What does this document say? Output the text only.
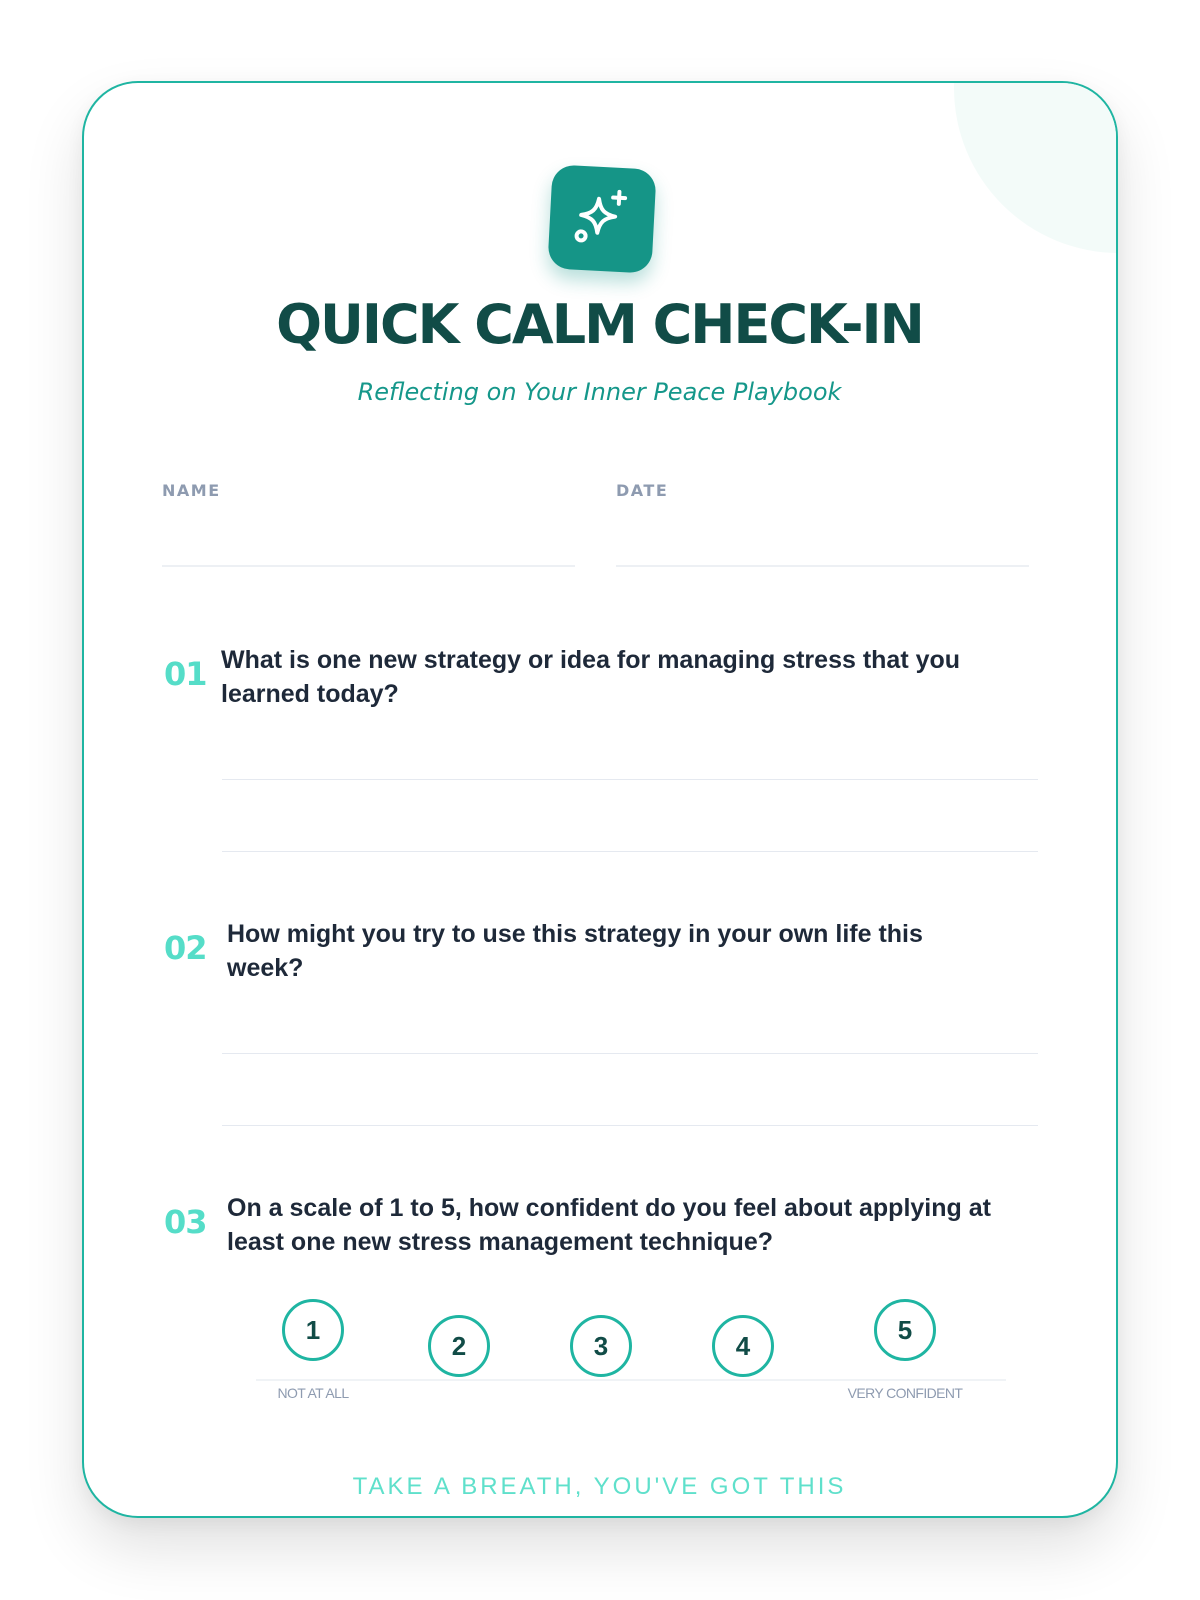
QUICK CALM CHECK-IN

Reflecting on Your Inner Peace Playbook

NAME	DATE
01 What is one new strategy or idea for managing stress that you learned today?
02 How might you try to use this strategy in your own life this week?
03 On a scale of 1 to 5, how confident do you feel about applying at least one new stress management technique?
1
2	3	4
5
NOT AT ALL	VERY CONFIDENT
TAKE A BREATH, YOU'VE GOT THIS
